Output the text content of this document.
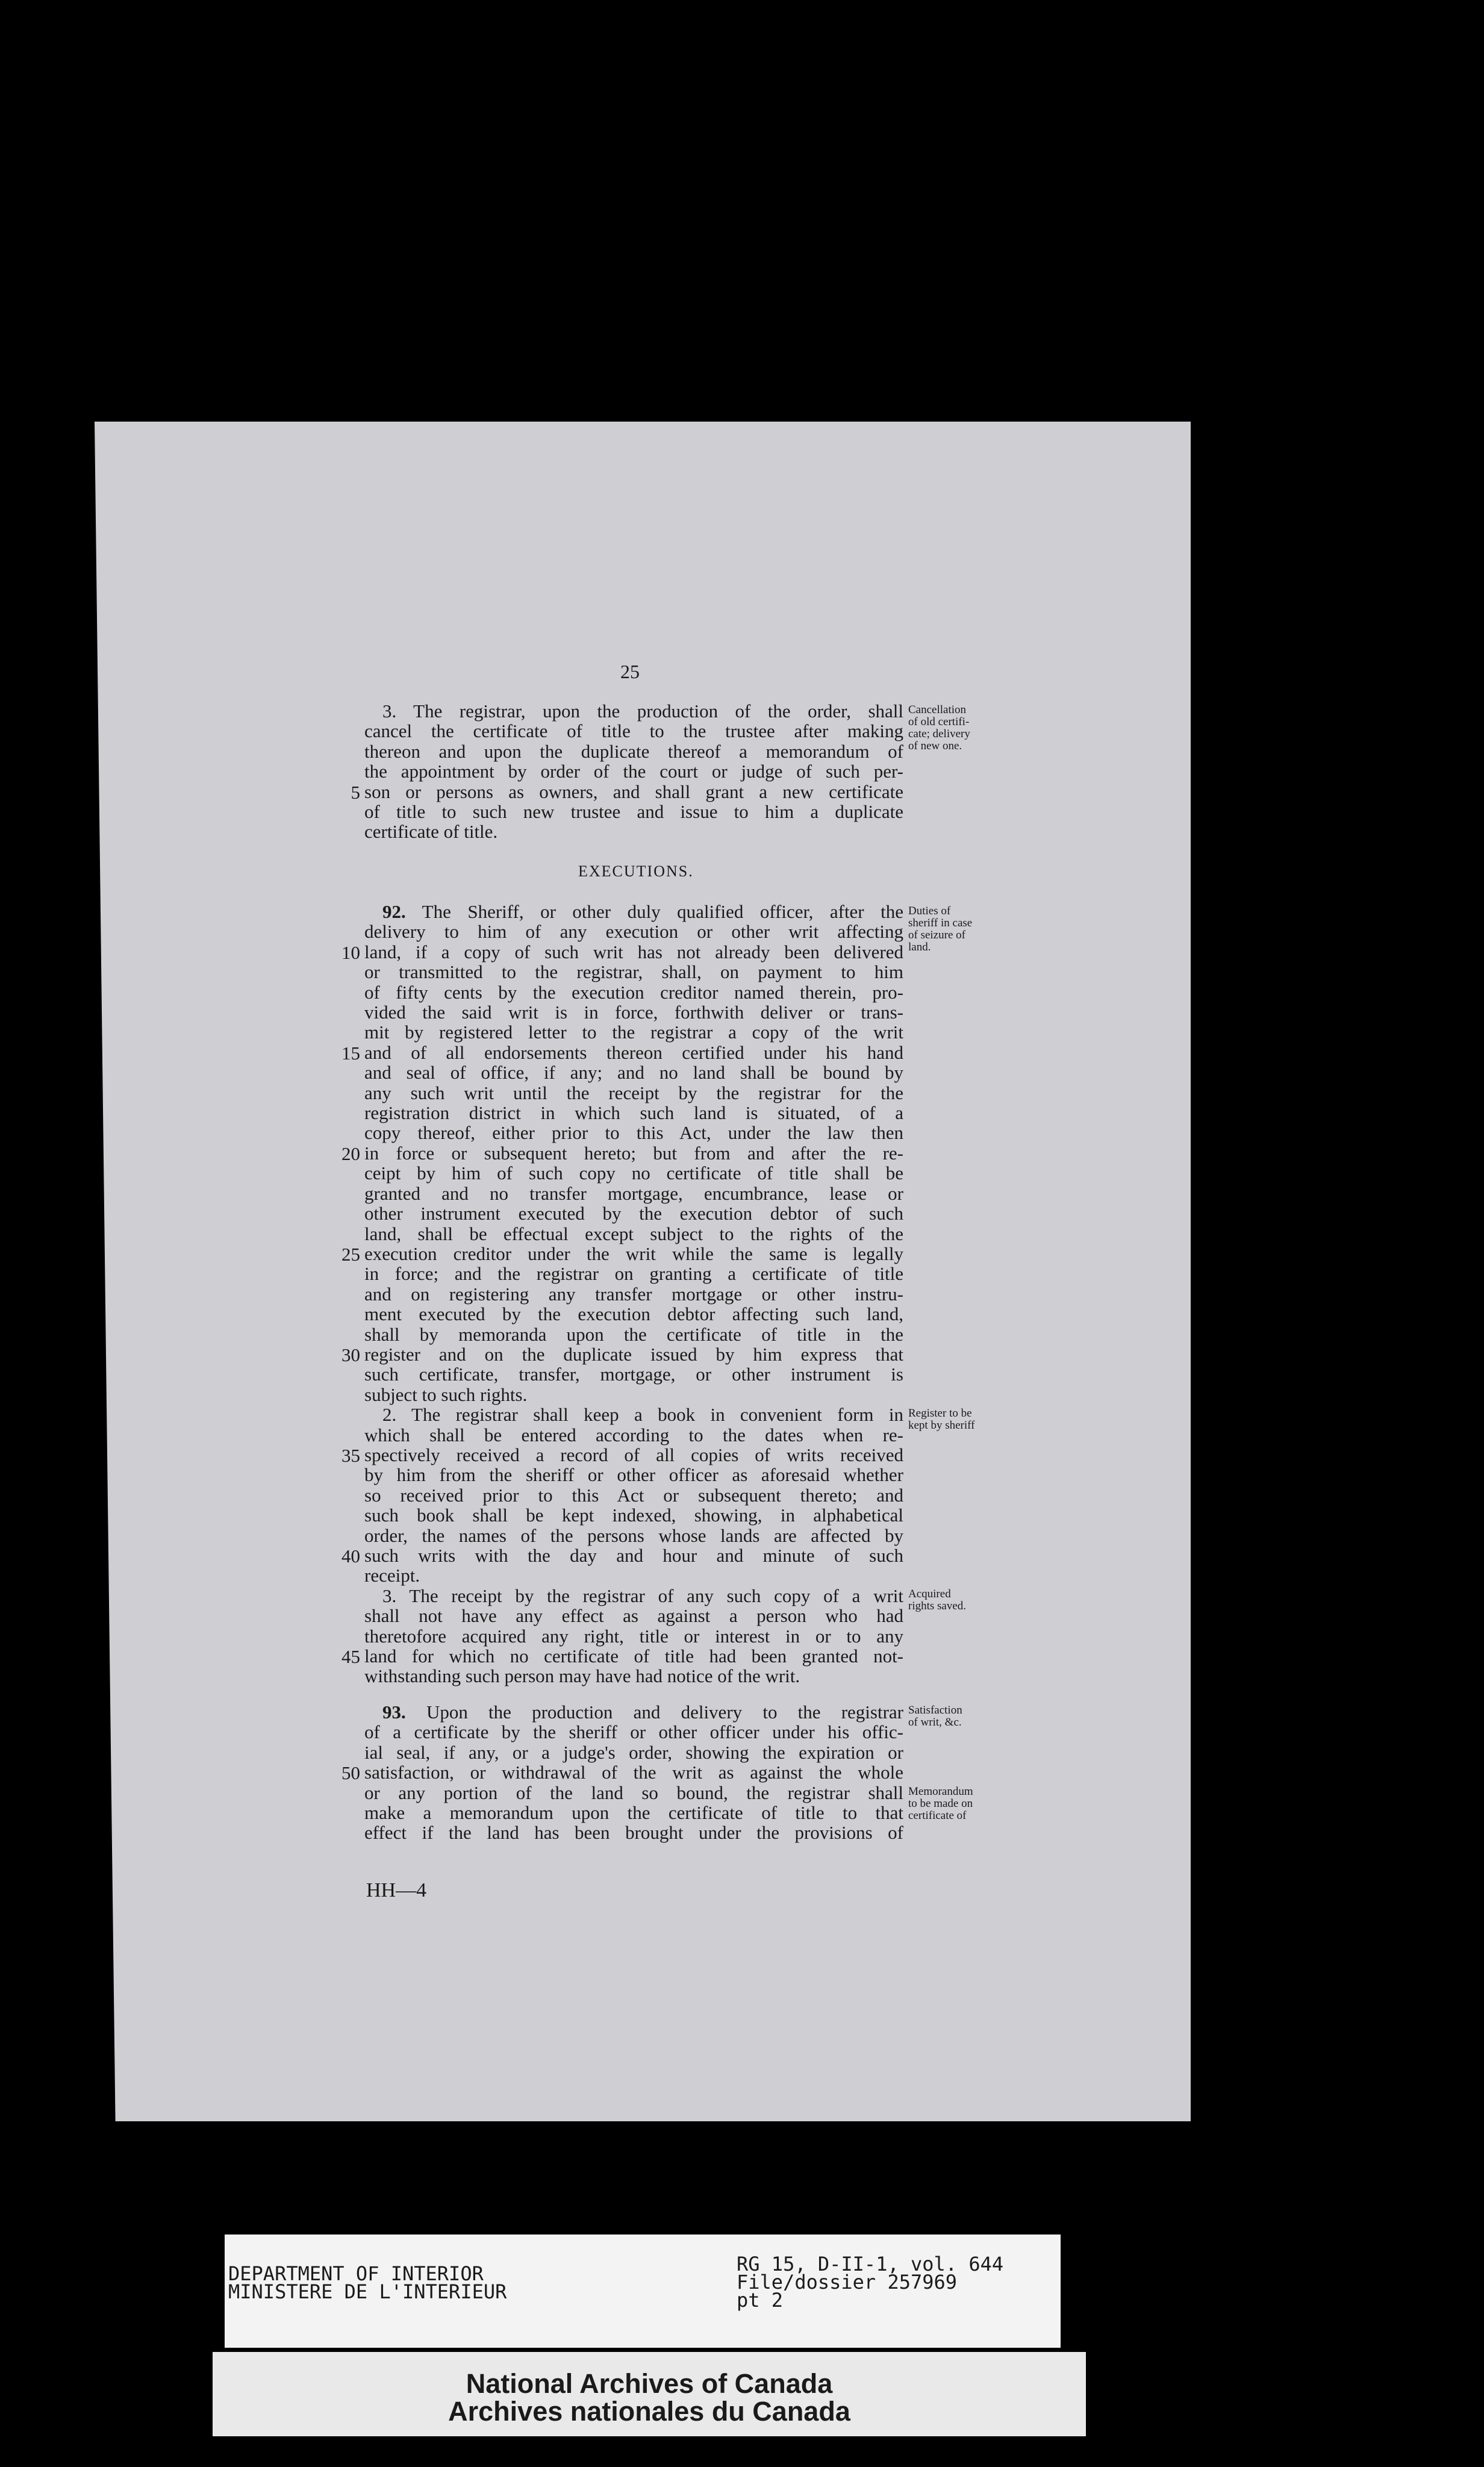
25

3. The registrar, upon the production of the order, shall

cancel the certificate of title to the trustee after making

thereon and upon the duplicate thereof a memorandum of

the appointment by order of the court or judge of such per-

son or persons as owners, and shall grant a new certificate

of title to such new trustee and issue to him a duplicate

certificate of title.

EXECUTIONS.

92. The Sheriff, or other duly qualified officer, after the

delivery to him of any execution or other writ affecting

land, if a copy of such writ has not already been delivered

or transmitted to the registrar, shall, on payment to him

of fifty cents by the execution creditor named therein, pro-

vided the said writ is in force, forthwith deliver or trans-

mit by registered letter to the registrar a copy of the writ

and of all endorsements thereon certified under his hand

and seal of office, if any; and no land shall be bound by

any such writ until the receipt by the registrar for the

registration district in which such land is situated, of a

copy thereof, either prior to this Act, under the law then

in force or subsequent hereto; but from and after the re-

ceipt by him of such copy no certificate of title shall be

granted and no transfer mortgage, encumbrance, lease or

other instrument executed by the execution debtor of such

land, shall be effectual except subject to the rights of the

execution creditor under the writ while the same is legally

in force; and the registrar on granting a certificate of title

and on registering any transfer mortgage or other instru-

ment executed by the execution debtor affecting such land,

shall by memoranda upon the certificate of title in the

register and on the duplicate issued by him express that

such certificate, transfer, mortgage, or other instrument is

subject to such rights.

2. The registrar shall keep a book in convenient form in

which shall be entered according to the dates when re-

spectively received a record of all copies of writs received

by him from the sheriff or other officer as aforesaid whether

so received prior to this Act or subsequent thereto; and

such book shall be kept indexed, showing, in alphabetical

order, the names of the persons whose lands are affected by

such writs with the day and hour and minute of such

receipt.

3. The receipt by the registrar of any such copy of a writ

shall not have any effect as against a person who had

theretofore acquired any right, title or interest in or to any

land for which no certificate of title had been granted not-

withstanding such person may have had notice of the writ.

93. Upon the production and delivery to the registrar

of a certificate by the sheriff or other officer under his offic-

ial seal, if any, or a judge's order, showing the expiration or

satisfaction, or withdrawal of the writ as against the whole

or any portion of the land so bound, the registrar shall

make a memorandum upon the certificate of title to that

effect if the land has been brought under the provisions of

5
10
15
20
25
30
35
40
45
50
Cancellation
of old certifi-
cate; delivery
of new one.
Duties of
sheriff in case
of seizure of
land.
Register to be
kept by sheriff
Acquired
rights saved.
Satisfaction
of writ, &c.
Memorandum
to be made on
certificate of
HH—4
DEPARTMENT OF INTERIOR
MINISTERE DE L'INTERIEUR
RG 15, D-II-1, vol. 644
File/dossier 257969
pt 2
National Archives of Canada
Archives nationales du Canada
